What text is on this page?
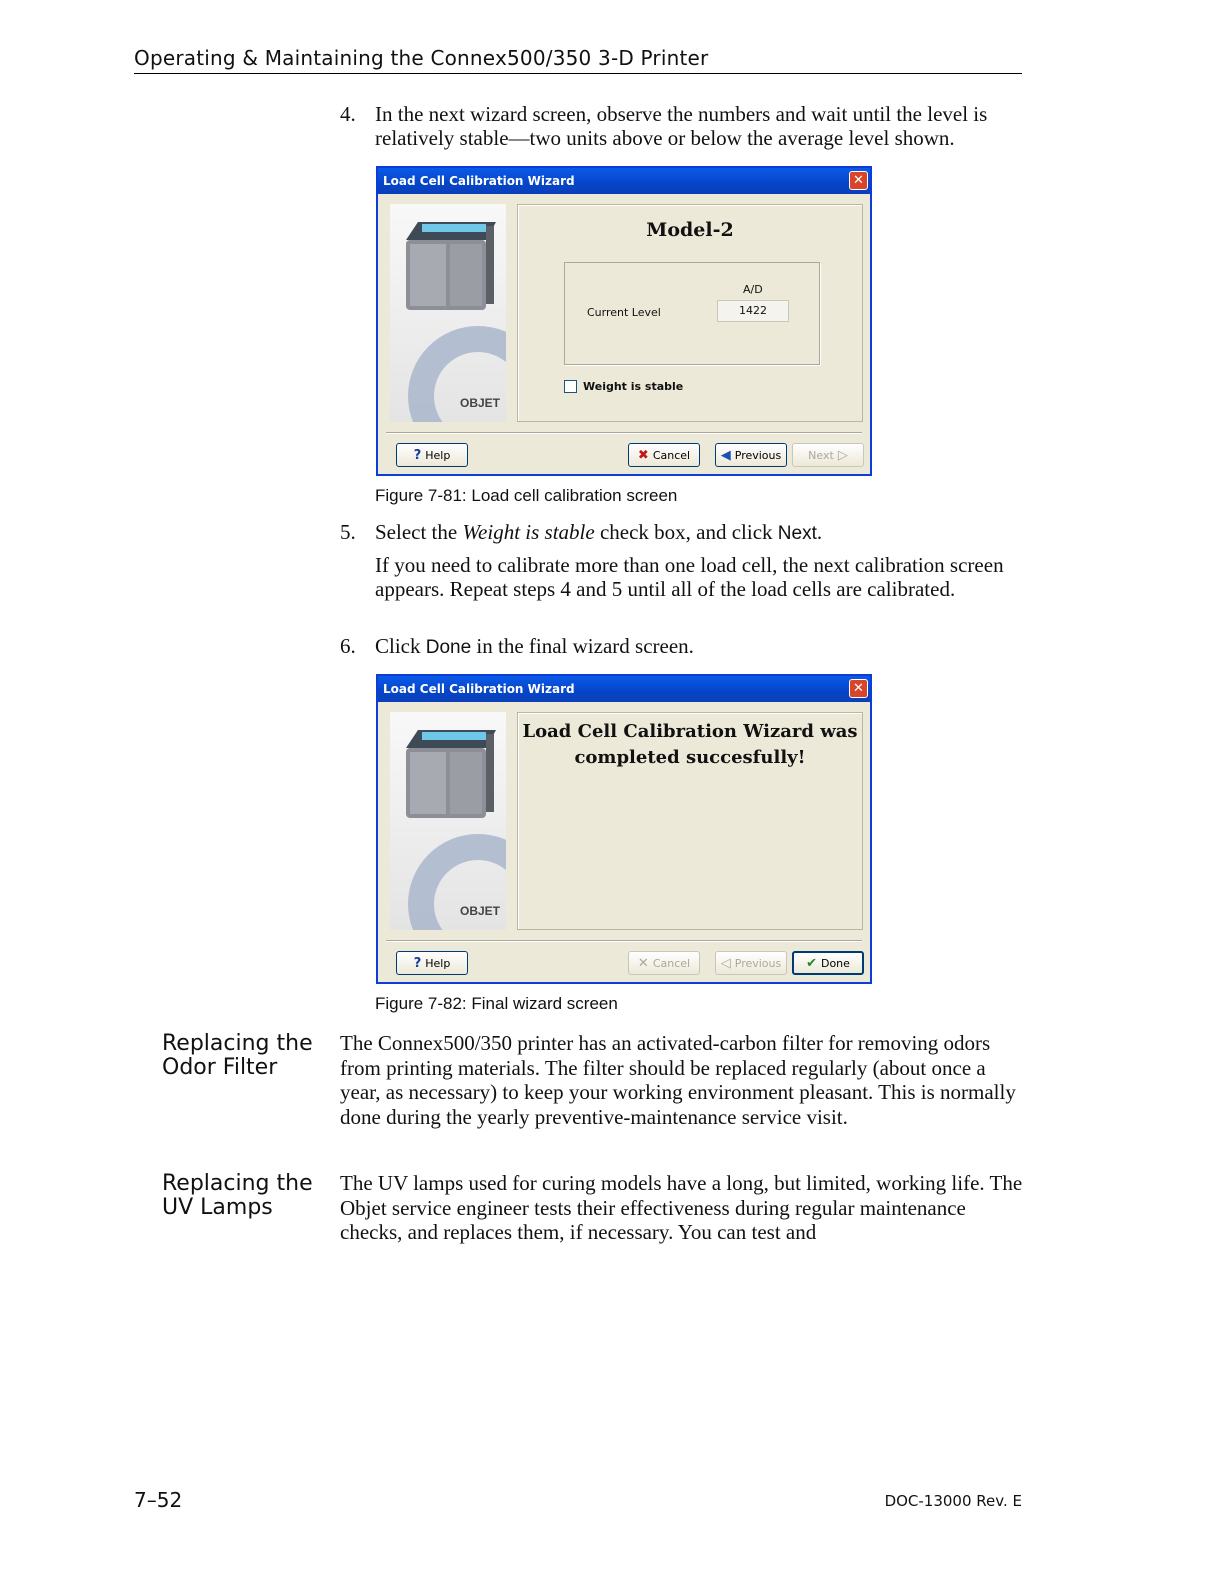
Operating & Maintaining the Connex500/350 3-D Printer
4. In the next wizard screen, observe the numbers and wait until the level is relatively stable—two units above or below the average level shown.
Load Cell Calibration Wizard	✕
OBJET
Model-2
A/D
Current Level	1422
Weight is stable
? Help	✖ Cancel ◀ Previous Next ▷
Figure 7-81: Load cell calibration screen
5. Select the Weight is stable check box, and click Next.
If you need to calibrate more than one load cell, the next calibration screen appears. Repeat steps 4 and 5 until all of the load cells are calibrated.
6. Click Done in the final wizard screen.
Load Cell Calibration Wizard	✕
OBJET
Load Cell Calibration Wizard was
completed succesfully!
? Help	✕ Cancel ◁ Previous ✔ Done
Figure 7-82: Final wizard screen
Replacing the
Odor Filter
The Connex500/350 printer has an activated-carbon filter for removing odors from printing materials. The filter should be replaced regularly (about once a year, as necessary) to keep your working environment pleasant. This is normally done during the yearly preventive-maintenance service visit.
Replacing the
UV Lamps
The UV lamps used for curing models have a long, but limited, working life. The Objet service engineer tests their effectiveness during regular maintenance checks, and replaces them, if necessary. You can test and
7–52	DOC-13000 Rev. E
